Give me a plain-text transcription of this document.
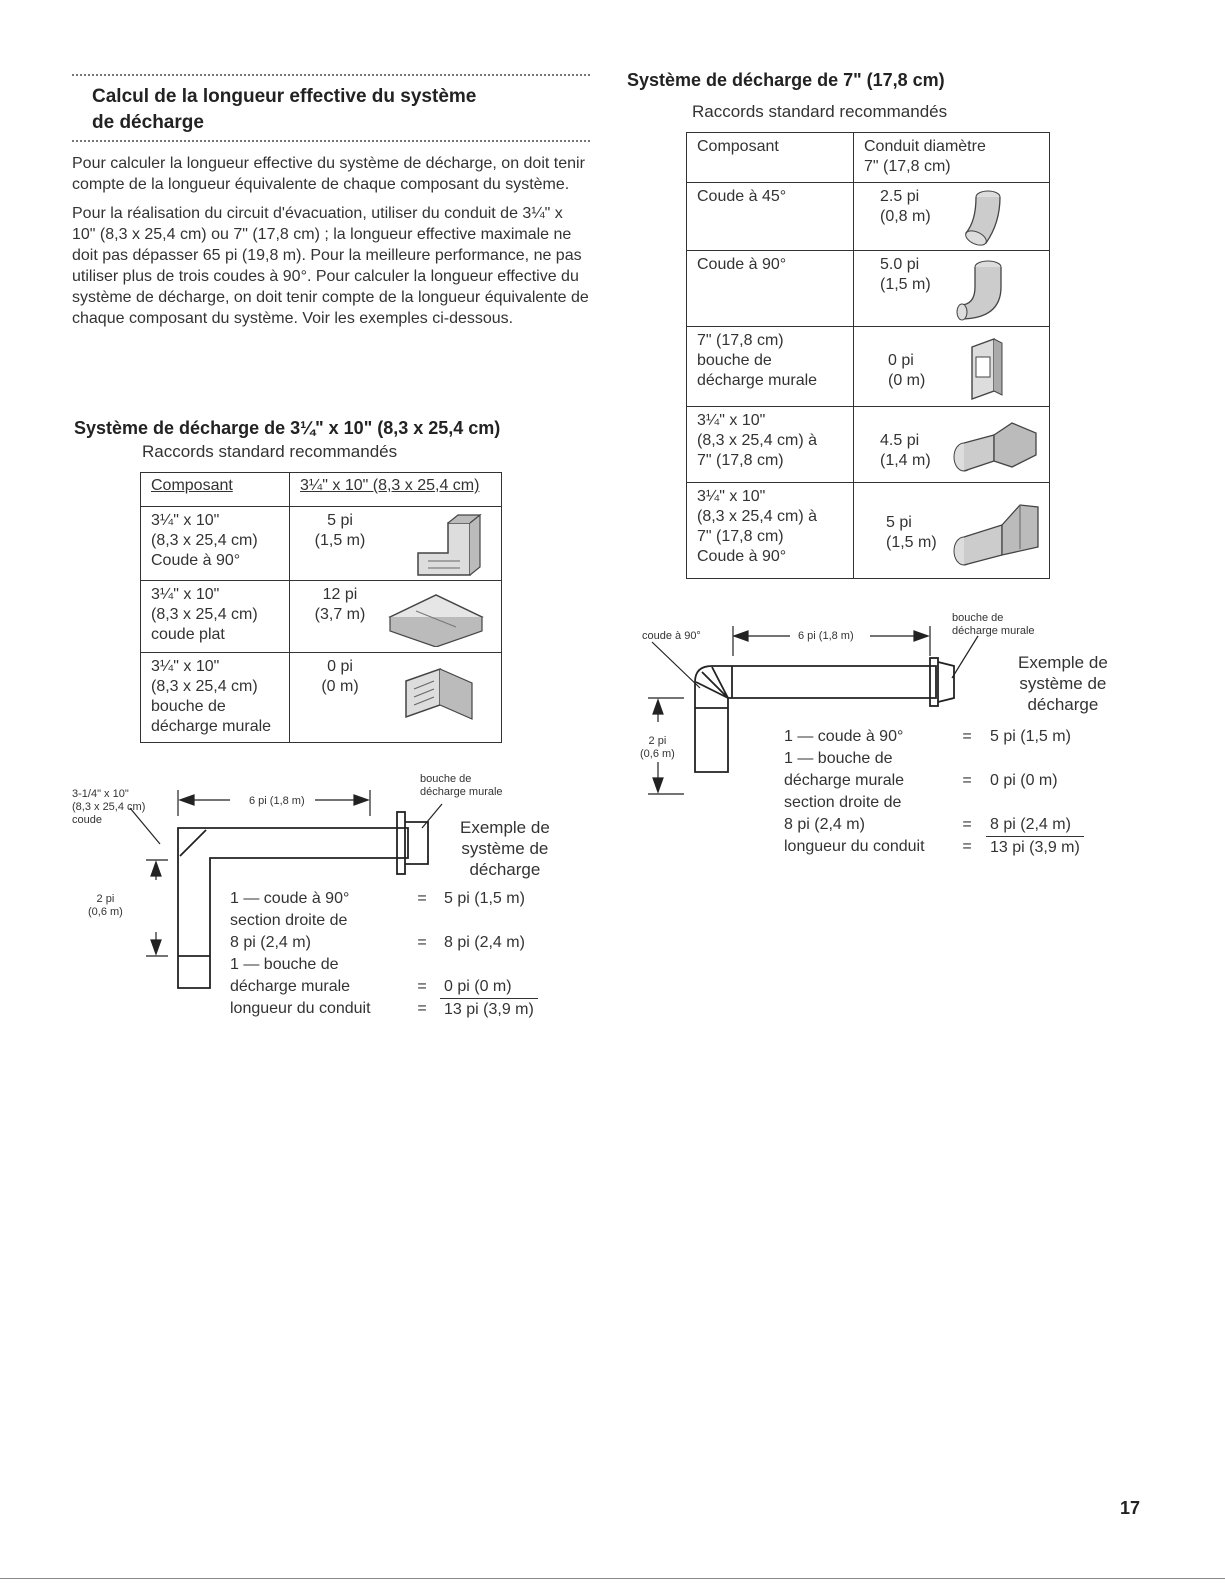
Calcul de la longueur effective du système
de décharge

Pour calculer la longueur effective du système de décharge, on doit tenir compte de la longueur équivalente de chaque composant du système.

Pour la réalisation du circuit d'évacuation, utiliser du conduit de 3¼" x 10" (8,3 x 25,4 cm) ou 7" (17,8 cm) ; la longueur effective maximale ne doit pas dépasser 65 pi (19,8 m). Pour la meilleure performance, ne pas utiliser plus de trois coudes à 90°. Pour calculer la longueur effective du système de décharge, on doit tenir compte de la longueur équivalente de chaque composant du système. Voir les exemples ci-dessous.

Système de décharge de 3¼" x 10" (8,3 x 25,4 cm)
Raccords standard recommandés
Composant	3¼" x 10" (8,3 x 25,4 cm)
3¼" x 10"
(8,3 x 25,4 cm)
Coude à 90°	5 pi
(1,5 m)

3¼" x 10"
(8,3 x 25,4 cm)
coude plat	12 pi
(3,7 m)

3¼" x 10"
(8,3 x 25,4 cm)
bouche de
décharge murale	0 pi
(0 m)
3-1/4" x 10"
(8,3 x 25,4 cm)
coude
6 pi (1,8 m)
bouche de
décharge murale
2 pi
(0,6 m)
Exemple de
système de
décharge
1 — coude à 90°	=	5 pi (1,5 m)
section droite de
8 pi (2,4 m)	=	8 pi (2,4 m)
1 — bouche de
décharge murale	=	0 pi (0 m)
longueur du conduit	=	13 pi (3,9 m)
Système de décharge de 7" (17,8 cm)
Raccords standard recommandés
Composant	Conduit diamètre
7" (17,8 cm)
Coude à 45°	2.5 pi
(0,8 m)

Coude à 90°	5.0 pi
(1,5 m)

7" (17,8 cm)
bouche de
décharge murale	0 pi
(0 m)

3¼" x 10"
(8,3 x 25,4 cm) à
7" (17,8 cm)	4.5 pi
(1,4 m)

3¼" x 10"
(8,3 x 25,4 cm) à
7" (17,8 cm)
Coude à 90°	5 pi
(1,5 m)
coude à 90°	6 pi (1,8 m)
bouche de
décharge murale
2 pi
(0,6 m)
Exemple de
système de
décharge
1 — coude à 90°	=	5 pi (1,5 m)
1 — bouche de
décharge murale	=	0 pi (0 m)
section droite de
8 pi (2,4 m)	=	8 pi (2,4 m)
longueur du conduit	=	13 pi (3,9 m)
17
